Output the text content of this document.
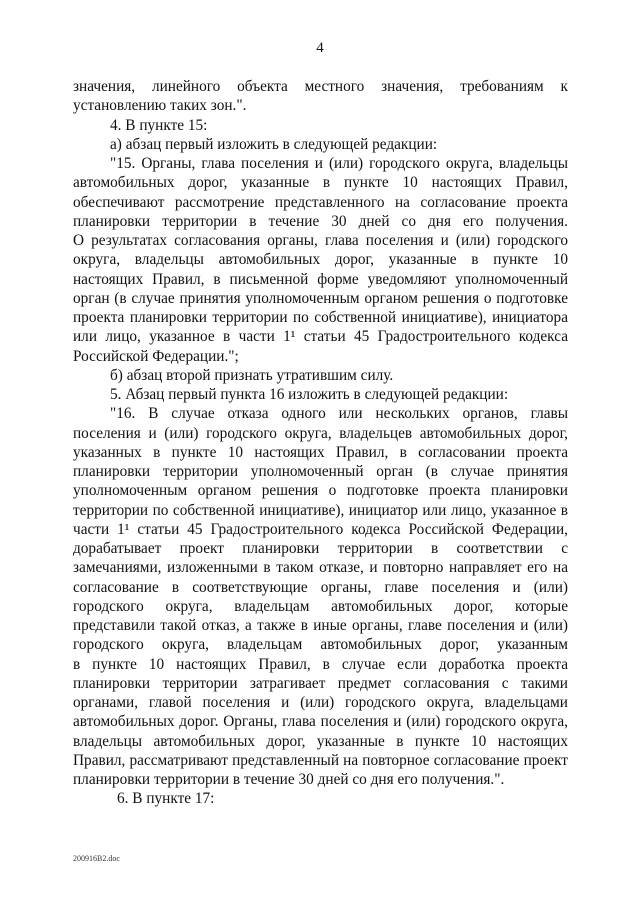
4
значения, линейного объекта местного значения, требованиям к
установлению таких зон.".
4. В пункте 15:
а) абзац первый изложить в следующей редакции:
"15. Органы, глава поселения и (или) городского округа, владельцы
автомобильных дорог, указанные в пункте 10 настоящих Правил,
обеспечивают рассмотрение представленного на согласование проекта
планировки территории в течение 30 дней со дня его получения.
О результатах согласования органы, глава поселения и (или) городского
округа, владельцы автомобильных дорог, указанные в пункте 10
настоящих Правил, в письменной форме уведомляют уполномоченный
орган (в случае принятия уполномоченным органом решения о подготовке
проекта планировки территории по собственной инициативе), инициатора
или лицо, указанное в части 1¹ статьи 45 Градостроительного кодекса
Российской Федерации.";
б) абзац второй признать утратившим силу.
5. Абзац первый пункта 16 изложить в следующей редакции:
"16. В случае отказа одного или нескольких органов, главы
поселения и (или) городского округа, владельцев автомобильных дорог,
указанных в пункте 10 настоящих Правил, в согласовании проекта
планировки территории уполномоченный орган (в случае принятия
уполномоченным органом решения о подготовке проекта планировки
территории по собственной инициативе), инициатор или лицо, указанное в
части 1¹ статьи 45 Градостроительного кодекса Российской Федерации,
дорабатывает проект планировки территории в соответствии с
замечаниями, изложенными в таком отказе, и повторно направляет его на
согласование в соответствующие органы, главе поселения и (или)
городского округа, владельцам автомобильных дорог, которые
представили такой отказ, а также в иные органы, главе поселения и (или)
городского округа, владельцам автомобильных дорог, указанным
в пункте 10 настоящих Правил, в случае если доработка проекта
планировки территории затрагивает предмет согласования с такими
органами, главой поселения и (или) городского округа, владельцами
автомобильных дорог. Органы, глава поселения и (или) городского округа,
владельцы автомобильных дорог, указанные в пункте 10 настоящих
Правил, рассматривают представленный на повторное согласование проект
планировки территории в течение 30 дней со дня его получения.".
6. В пункте 17:
200916B2.doc
